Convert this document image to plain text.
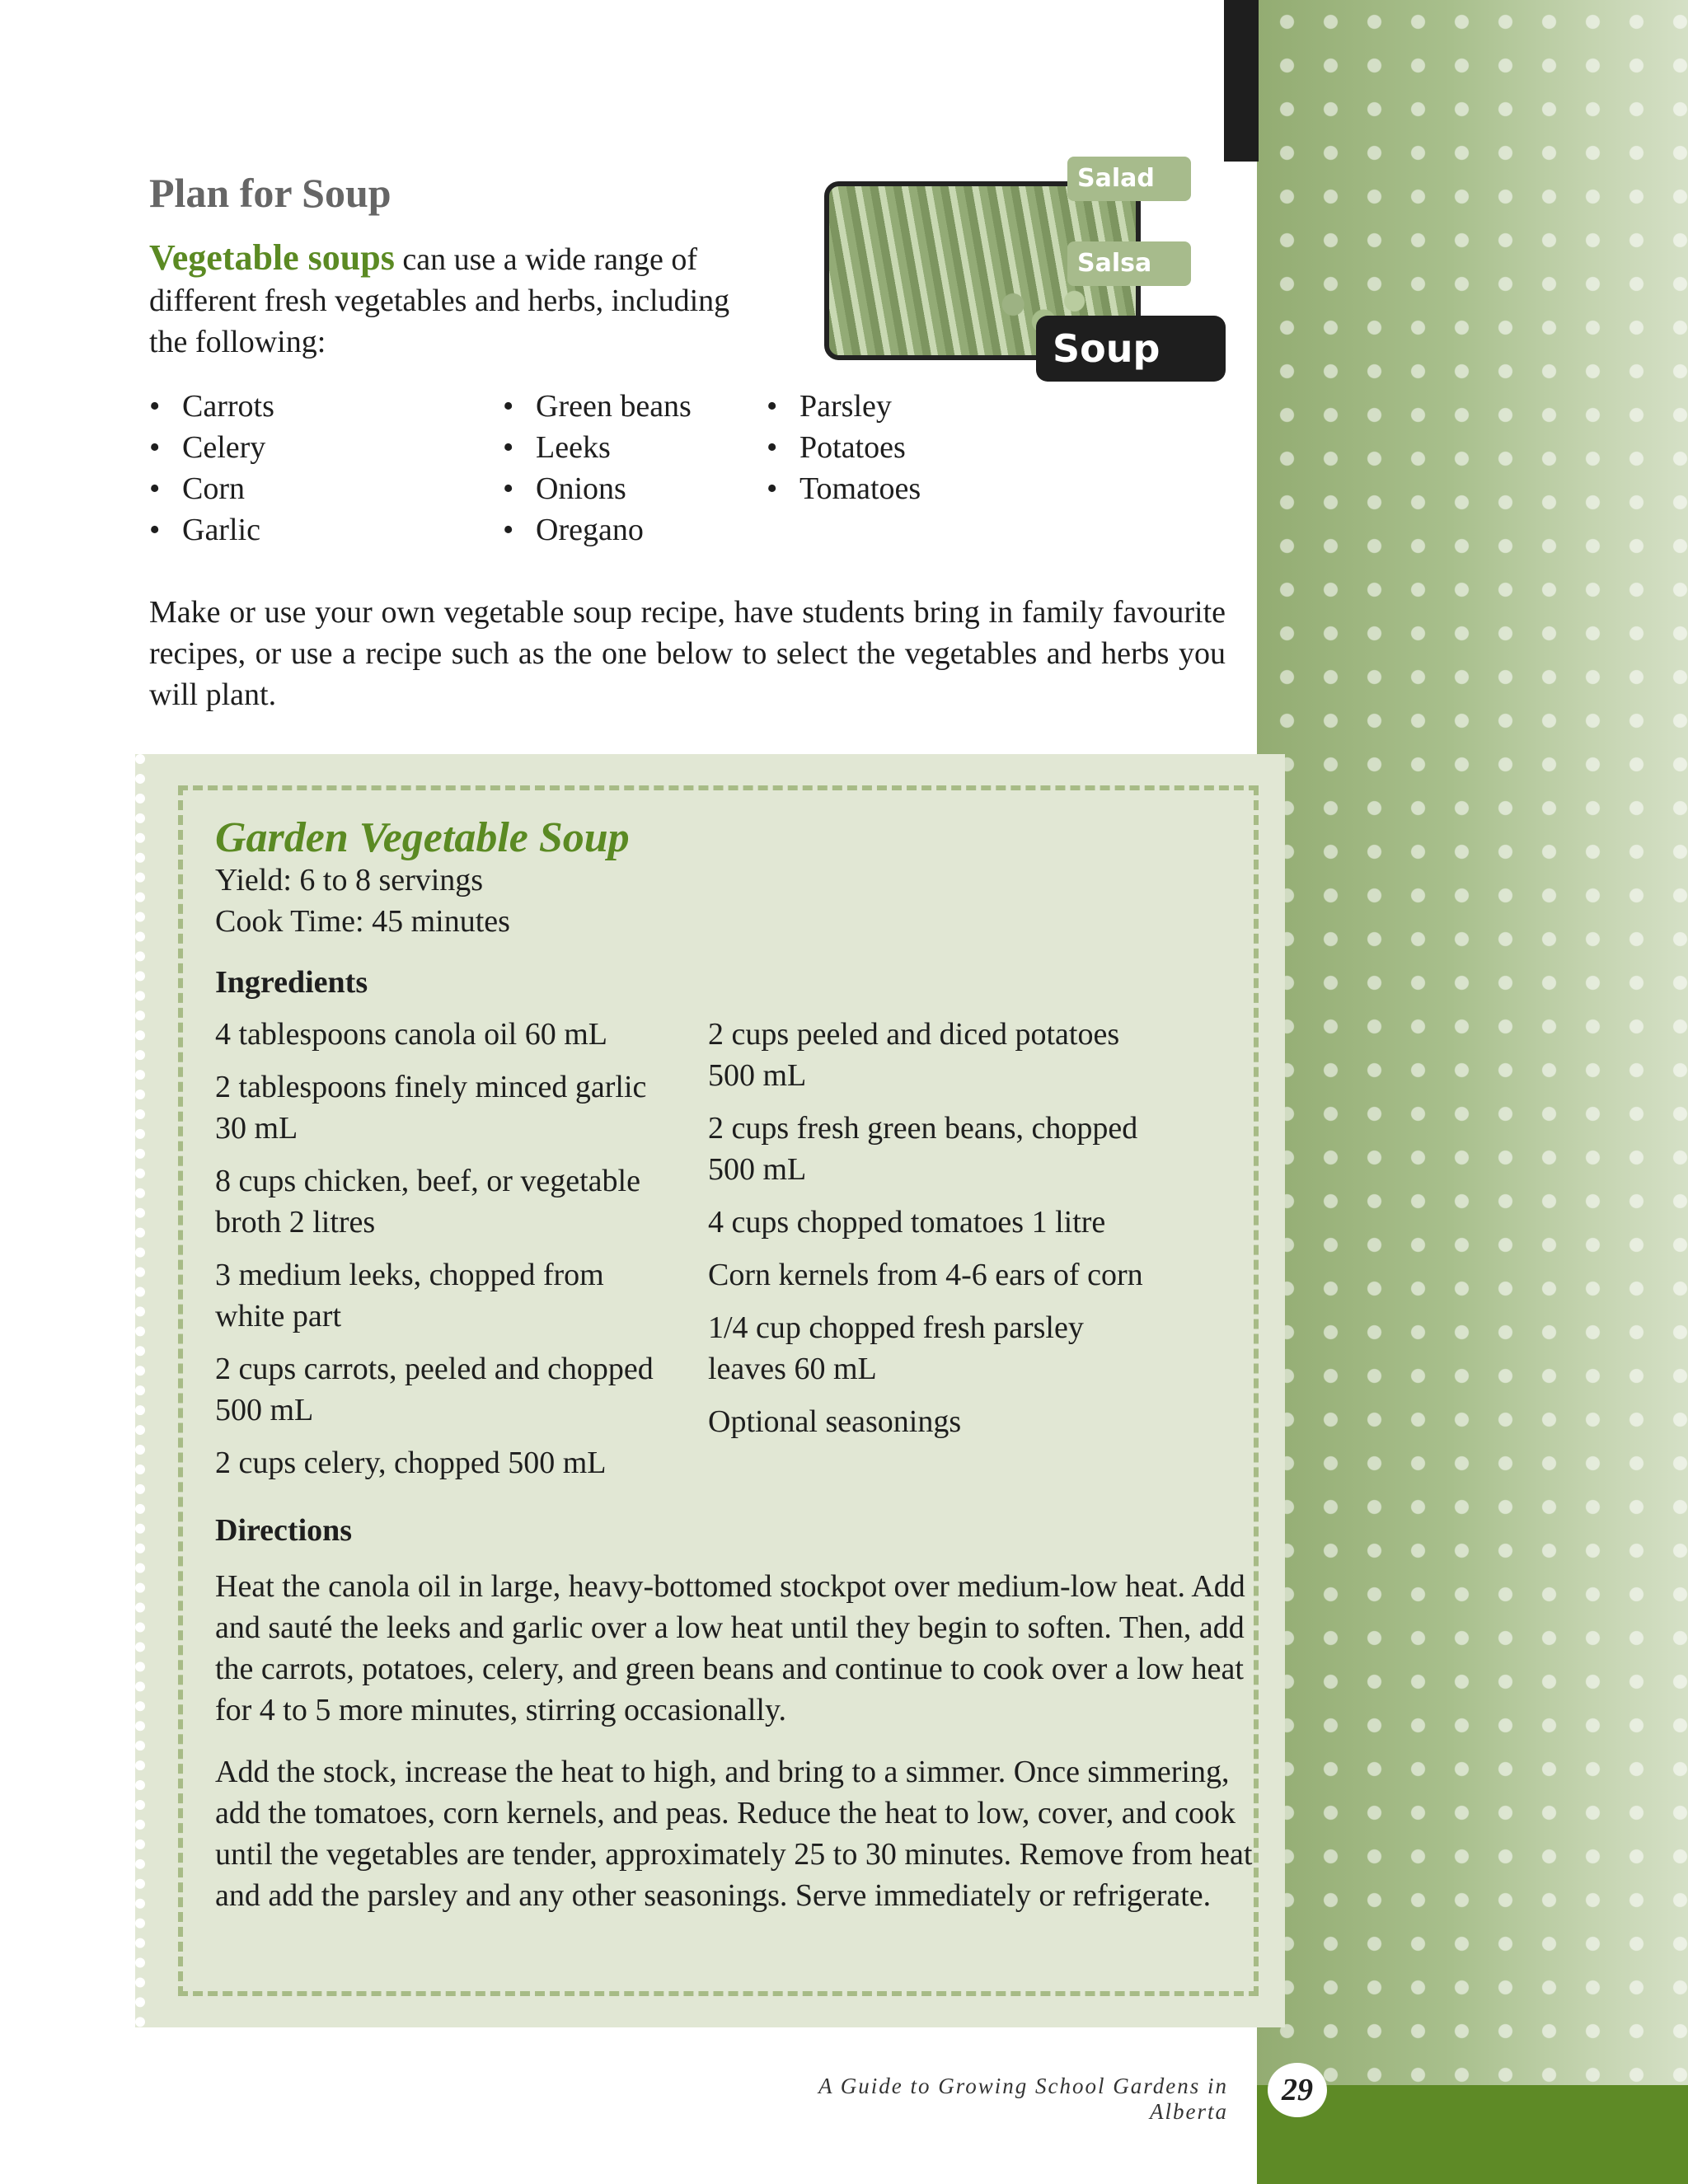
Plan for Soup

Vegetable soups can use a wide range of different fresh vegetables and herbs, including the following:

• Carrots
• Celery
• Corn
• Garlic
• Green beans
• Leeks
• Onions
• Oregano
• Parsley
• Potatoes
• Tomatoes

Make or use your own vegetable soup recipe, have students bring in family favourite recipes, or use a recipe such as the one below to select the vegetables and herbs you will plant.

Salad
Salsa
Soup
Garden Vegetable Soup
Yield: 6 to 8 servings
Cook Time: 45 minutes
Ingredients
4 tablespoons canola oil 60 mL
2 tablespoons finely minced garlic 30 mL
8 cups chicken, beef, or vegetable broth 2 litres
3 medium leeks, chopped from white part
2 cups carrots, peeled and chopped 500 mL
2 cups celery, chopped 500 mL
2 cups peeled and diced potatoes 500 mL
2 cups fresh green beans, chopped 500 mL
4 cups chopped tomatoes 1 litre
Corn kernels from 4-6 ears of corn
1/4 cup chopped fresh parsley leaves 60 mL
Optional seasonings
Directions

Heat the canola oil in large, heavy-bottomed stockpot over medium-low heat. Add and sauté the leeks and garlic over a low heat until they begin to soften. Then, add the carrots, potatoes, celery, and green beans and continue to cook over a low heat for 4 to 5 more minutes, stirring occasionally.

Add the stock, increase the heat to high, and bring to a simmer. Once simmering, add the tomatoes, corn kernels, and peas. Reduce the heat to low, cover, and cook until the vegetables are tender, approximately 25 to 30 minutes. Remove from heat and add the parsley and any other seasonings. Serve immediately or refrigerate.

A Guide to Growing School Gardens in Alberta
29
